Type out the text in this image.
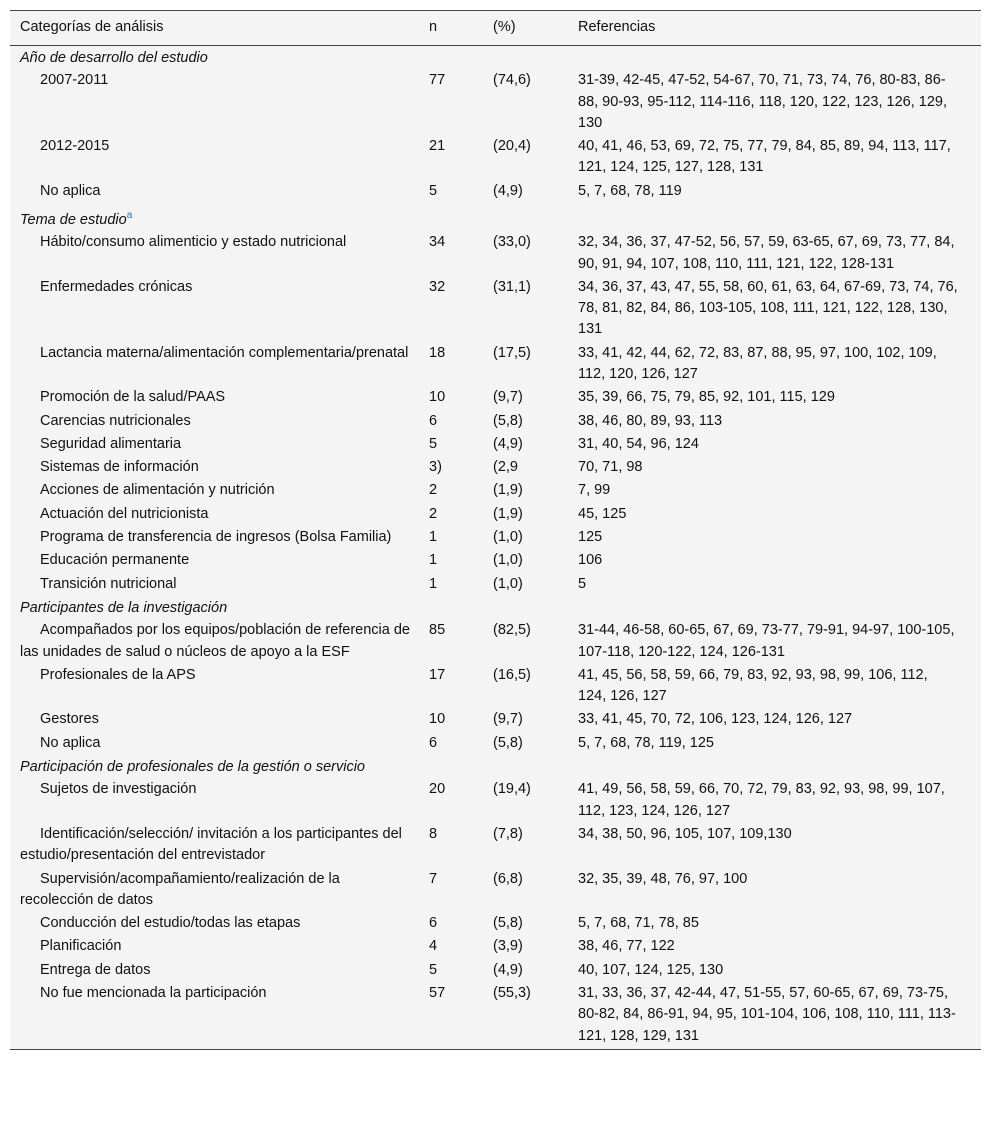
Categorías de análisis	n	(%)	Referencias
Año de desarrollo del estudio			
2007-2011	77	(74,6)	31-39, 42-45, 47-52, 54-67, 70, 71, 73, 74, 76, 80-83, 86-88, 90-93, 95-112, 114-116, 118, 120, 122, 123, 126, 129, 130
2012-2015	21	(20,4)	40, 41, 46, 53, 69, 72, 75, 77, 79, 84, 85, 89, 94, 113, 117, 121, 124, 125, 127, 128, 131
No aplica	5	(4,9)	5, 7, 68, 78, 119
Tema de estudio$^a$
Hábito/consumo alimenticio y estado nutricional	34	(33,0)	32, 34, 36, 37, 47-52, 56, 57, 59, 63-65, 67, 69, 73, 77, 84, 90, 91, 94, 107, 108, 110, 111, 121, 122, 128-131
Enfermedades crónicas	32	(31,1)	34, 36, 37, 43, 47, 55, 58, 60, 61, 63, 64, 67-69, 73, 74, 76, 78, 81, 82, 84, 86, 103-105, 108, 111, 121, 122, 128, 130, 131
Lactancia materna/alimentación complementaria/prenatal	18	(17,5)	33, 41, 42, 44, 62, 72, 83, 87, 88, 95, 97, 100, 102, 109, 112, 120, 126, 127
Promoción de la salud/PAAS	10	(9,7)	35, 39, 66, 75, 79, 85, 92, 101, 115, 129
Carencias nutricionales	6	(5,8)	38, 46, 80, 89, 93, 113
Seguridad alimentaria	5	(4,9)	31, 40, 54, 96, 124
Sistemas de información	3)	(2,9	70, 71, 98
Acciones de alimentación y nutrición	2	(1,9)	7, 99
Actuación del nutricionista	2	(1,9)	45, 125
Programa de transferencia de ingresos (Bolsa Familia)	1	(1,0)	125
Educación permanente	1	(1,0)	106
Transición nutricional	1	(1,0)	5
Participantes de la investigación			
Acompañados por los equipos/población de referencia de las unidades de salud o núcleos de apoyo a la ESF	85	(82,5)	31-44, 46-58, 60-65, 67, 69, 73-77, 79-91, 94-97, 100-105, 107-118, 120-122, 124, 126-131
Profesionales de la APS	17	(16,5)	41, 45, 56, 58, 59, 66, 79, 83, 92, 93, 98, 99, 106, 112, 124, 126, 127
Gestores	10	(9,7)	33, 41, 45, 70, 72, 106, 123, 124, 126, 127
No aplica	6	(5,8)	5, 7, 68, 78, 119, 125
Participación de profesionales de la gestión o servicio			
Sujetos de investigación	20	(19,4)	41, 49, 56, 58, 59, 66, 70, 72, 79, 83, 92, 93, 98, 99, 107, 112, 123, 124, 126, 127
Identificación/selección/ invitación a los participantes del estudio/presentación del entrevistador	8	(7,8)	34, 38, 50, 96, 105, 107, 109,130
Supervisión/acompañamiento/realización de la recolección de datos	7	(6,8)	32, 35, 39, 48, 76, 97, 100
Conducción del estudio/todas las etapas	6	(5,8)	5, 7, 68, 71, 78, 85
Planificación	4	(3,9)	38, 46, 77, 122
Entrega de datos	5	(4,9)	40, 107, 124, 125, 130
No fue mencionada la participación	57	(55,3)	31, 33, 36, 37, 42-44, 47, 51-55, 57, 60-65, 67, 69, 73-75, 80-82, 84, 86-91, 94, 95, 101-104, 106, 108, 110, 111, 113-121, 128, 129, 131
